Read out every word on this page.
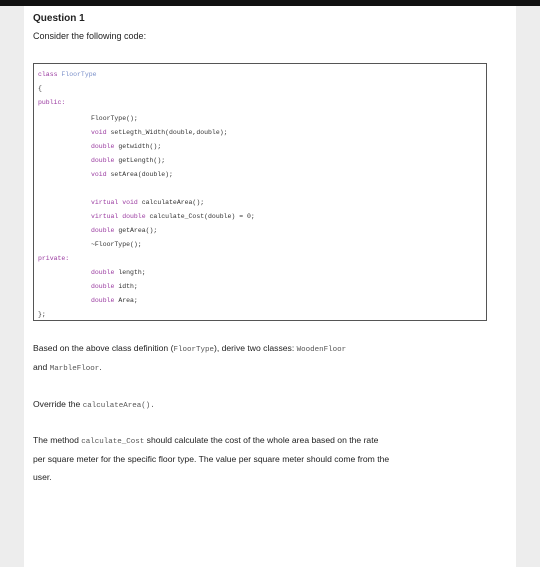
Question 1
Consider the following code:
class FloorType
{
public:
FloorType();
void setLegth_Width(double,double);
double getwidth();
double getLength();
void setArea(double);
virtual void calculateArea();
virtual double calculate_Cost(double) = 0;
double getArea();
~FloorType();
private:
double length;
double idth;
double Area;
};
Based on the above class definition (FloorType), derive two classes: WoodenFloor
and MarbleFloor.
Override the calculateArea().
The method calculate_Cost should calculate the cost of the whole area based on the rate
per square meter for the specific floor type. The value per square meter should come from the
user.
